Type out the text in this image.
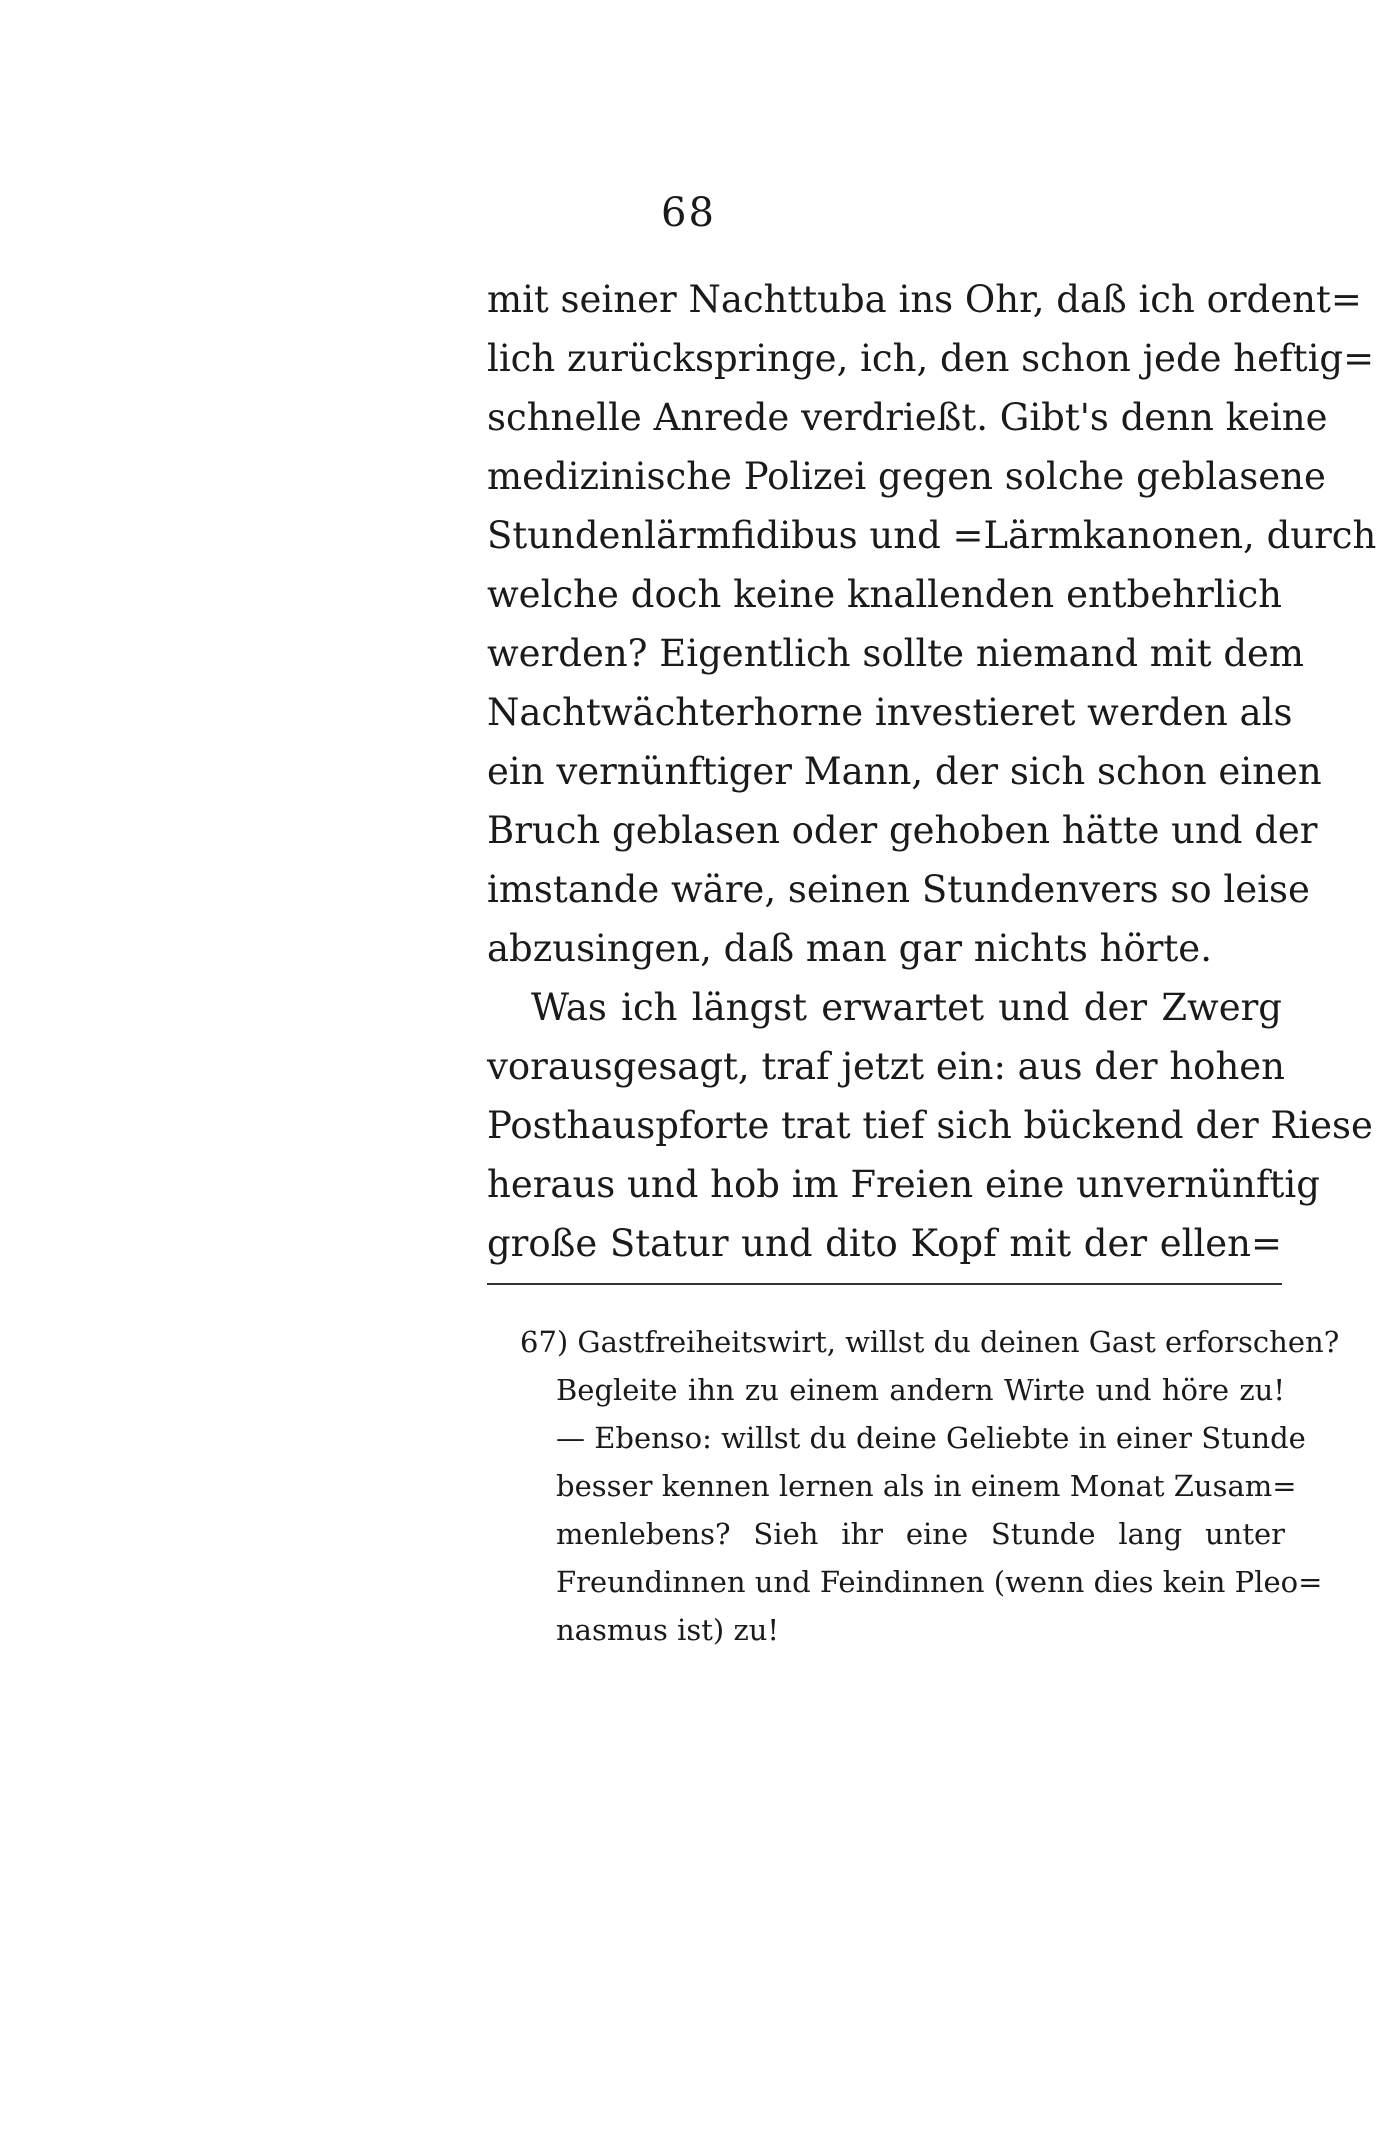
68
mit seiner Nachttuba ins Ohr, daß ich ordent=
lich zurückspringe, ich, den schon jede heftig=
schnelle Anrede verdrießt. Gibt's denn keine
medizinische Polizei gegen solche geblasene
Stundenlärmfidibus und =Lärmkanonen, durch
welche doch keine knallenden entbehrlich
werden? Eigentlich sollte niemand mit dem
Nachtwächterhorne investieret werden als
ein vernünftiger Mann, der sich schon einen
Bruch geblasen oder gehoben hätte und der
imstande wäre, seinen Stundenvers so leise
abzusingen, daß man gar nichts hörte.
Was ich längst erwartet und der Zwerg
vorausgesagt, traf jetzt ein: aus der hohen
Posthauspforte trat tief sich bückend der Riese
heraus und hob im Freien eine unvernünftig
große Statur und dito Kopf mit der ellen=
67) Gastfreiheitswirt, willst du deinen Gast erforschen?
Begleite ihn zu einem andern Wirte und höre zu!
— Ebenso: willst du deine Geliebte in einer Stunde
besser kennen lernen als in einem Monat Zusam=
menlebens? Sieh ihr eine Stunde lang unter
Freundinnen und Feindinnen (wenn dies kein Pleo=
nasmus ist) zu!
